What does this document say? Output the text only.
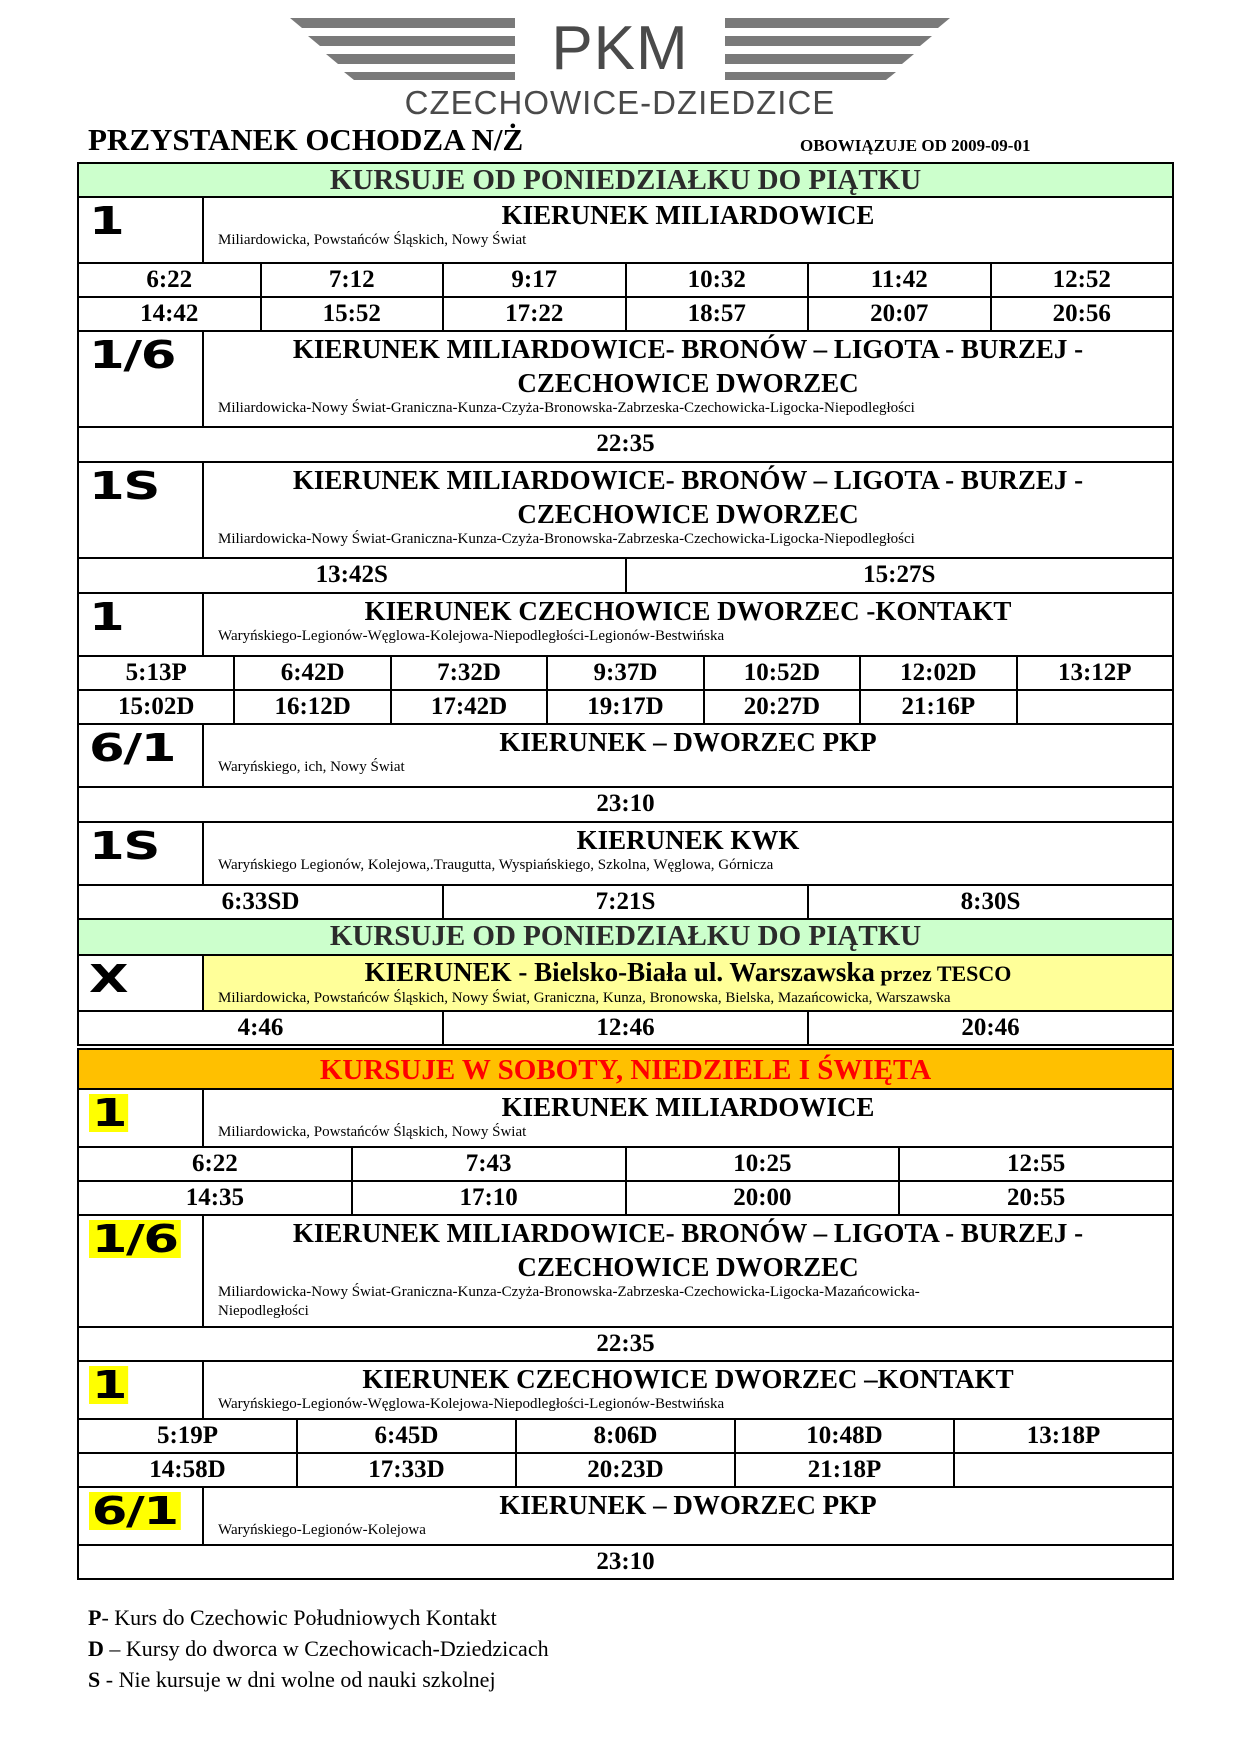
PKM
CZECHOWICE-DZIEDZICE
PRZYSTANEK OCHODZA N/Ż	OBOWIĄZUJE OD 2009-09-01
KURSUJE OD PONIEDZIAŁKU DO PIĄTKU
1	KIERUNEK MILIARDOWICE
Miliardowicka, Powstańców Śląskich, Nowy Świat
6:22	7:12	9:17	10:32	11:42	12:52
14:42	15:52	17:22	18:57	20:07	20:56
1/6	KIERUNEK MILIARDOWICE- BRONÓW – LIGOTA - BURZEJ -
CZECHOWICE DWORZEC
Miliardowicka-Nowy Świat-Graniczna-Kunza-Czyża-Bronowska-Zabrzeska-Czechowicka-Ligocka-Niepodległości
22:35
1S	KIERUNEK MILIARDOWICE- BRONÓW – LIGOTA - BURZEJ -
CZECHOWICE DWORZEC
Miliardowicka-Nowy Świat-Graniczna-Kunza-Czyża-Bronowska-Zabrzeska-Czechowicka-Ligocka-Niepodległości
13:42S	15:27S
1	KIERUNEK CZECHOWICE DWORZEC -KONTAKT
Waryńskiego-Legionów-Węglowa-Kolejowa-Niepodległości-Legionów-Bestwińska
5:13P	6:42D	7:32D	9:37D	10:52D	12:02D	13:12P
15:02D	16:12D	17:42D	19:17D	20:27D	21:16P
6/1	KIERUNEK – DWORZEC PKP
Waryńskiego, ich, Nowy Świat
23:10
1S	KIERUNEK KWK
Waryńskiego Legionów, Kolejowa,.Traugutta, Wyspiańskiego, Szkolna, Węglowa, Górnicza
6:33SD	7:21S	8:30S
KURSUJE OD PONIEDZIAŁKU DO PIĄTKU
X	KIERUNEK - Bielsko-Biała ul. Warszawska przez TESCO
Miliardowicka, Powstańców Śląskich, Nowy Świat, Graniczna, Kunza, Bronowska, Bielska, Mazańcowicka, Warszawska
4:46	12:46	20:46
KURSUJE W SOBOTY, NIEDZIELE I ŚWIĘTA
1	KIERUNEK MILIARDOWICE
Miliardowicka, Powstańców Śląskich, Nowy Świat
6:22	7:43	10:25	12:55
14:35	17:10	20:00	20:55
1/6	KIERUNEK MILIARDOWICE- BRONÓW – LIGOTA - BURZEJ -
CZECHOWICE DWORZEC
Miliardowicka-Nowy Świat-Graniczna-Kunza-Czyża-Bronowska-Zabrzeska-Czechowicka-Ligocka-Mazańcowicka-
Niepodległości
22:35
1	KIERUNEK CZECHOWICE DWORZEC –KONTAKT
Waryńskiego-Legionów-Węglowa-Kolejowa-Niepodległości-Legionów-Bestwińska
5:19P	6:45D	8:06D	10:48D	13:18P
14:58D	17:33D	20:23D	21:18P
6/1	KIERUNEK – DWORZEC PKP
Waryńskiego-Legionów-Kolejowa
23:10
P- Kurs do Czechowic Południowych Kontakt
D – Kursy do dworca w Czechowicach-Dziedzicach
S - Nie kursuje w dni wolne od nauki szkolnej
